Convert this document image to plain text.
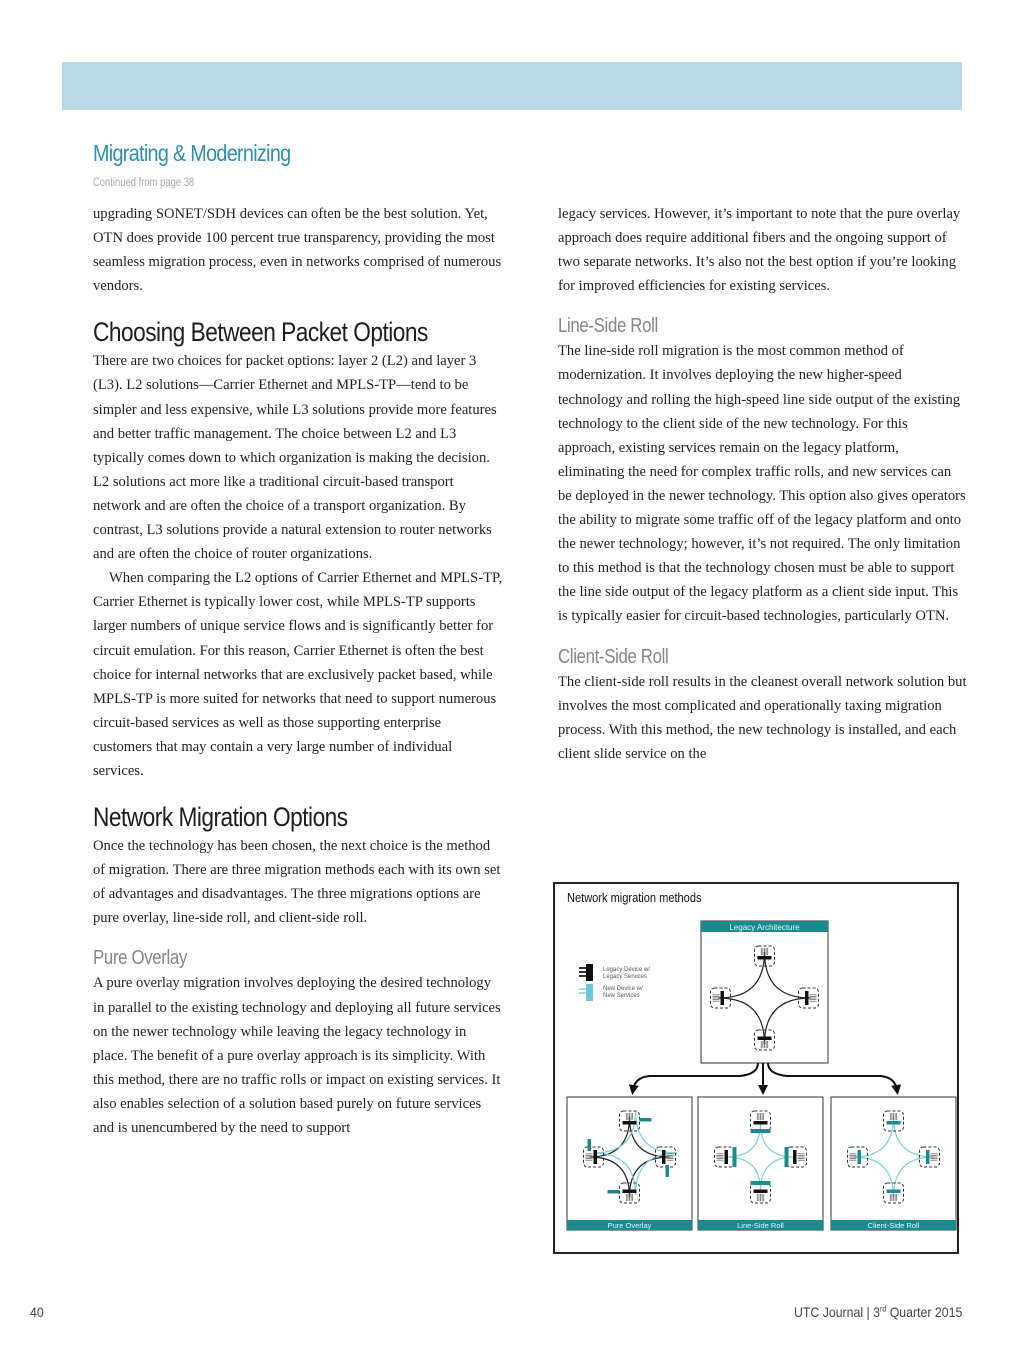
Migrating & Modernizing
Continued from page 38

upgrading SONET/SDH devices can often be the best solution. Yet, OTN does provide 100 percent true transparency, providing the most seamless migration process, even in networks comprised of numerous vendors.

Choosing Between Packet Options

There are two choices for packet options: layer 2 (L2) and layer 3 (L3). L2 solutions—Carrier Ethernet and MPLS-TP—tend to be simpler and less expensive, while L3 solutions provide more features and better traffic management. The choice between L2 and L3 typically comes down to which organization is making the decision. L2 solutions act more like a traditional circuit-based transport network and are often the choice of a transport organization. By contrast, L3 solutions provide a natural extension to router networks and are often the choice of router organizations.

When comparing the L2 options of Carrier Ethernet and MPLS-TP, Carrier Ethernet is typically lower cost, while MPLS-TP supports larger numbers of unique service flows and is significantly better for circuit emulation. For this reason, Carrier Ethernet is often the best choice for internal networks that are exclusively packet based, while MPLS-TP is more suited for networks that need to support numerous circuit-based services as well as those supporting enterprise customers that may contain a very large number of individual services.

Network Migration Options

Once the technology has been chosen, the next choice is the method of migration. There are three migration methods each with its own set of advantages and disadvantages. The three migrations options are pure overlay, line-side roll, and client-side roll.

Pure Overlay

A pure overlay migration involves deploying the desired technology in parallel to the existing technology and deploying all future services on the newer technology while leaving the legacy technology in place. The benefit of a pure overlay approach is its simplicity. With this method, there are no traffic rolls or impact on existing services. It also enables selection of a solution based purely on future services and is unencumbered by the need to support

legacy services. However, it’s important to note that the pure overlay approach does require additional fibers and the ongoing support of two separate networks. It’s also not the best option if you’re looking for improved efficiencies for existing services.

Line-Side Roll

The line-side roll migration is the most common method of modernization. It involves deploying the new higher-speed technology and rolling the high-speed line side output of the existing technology to the client side of the new technology. For this approach, existing services remain on the legacy platform, eliminating the need for complex traffic rolls, and new services can be deployed in the newer technology. This option also gives operators the ability to migrate some traffic off of the legacy platform and onto the newer technology; however, it’s not required. The only limitation to this method is that the technology chosen must be able to support the line side output of the legacy platform as a client side input. This is typically easier for circuit-based technologies, particularly OTN.

Client-Side Roll

The client-side roll results in the cleanest overall network solution but involves the most complicated and operationally taxing migration process. With this method, the new technology is installed, and each client slide service on the

Legacy Device w/
Legacy Services
New Device w/
New Services
Legacy Architecture
Pure Overlay	Line-Side Roll	Client-Side Roll
Network migration methods
40	UTC Journal | 3rd Quarter 2015
